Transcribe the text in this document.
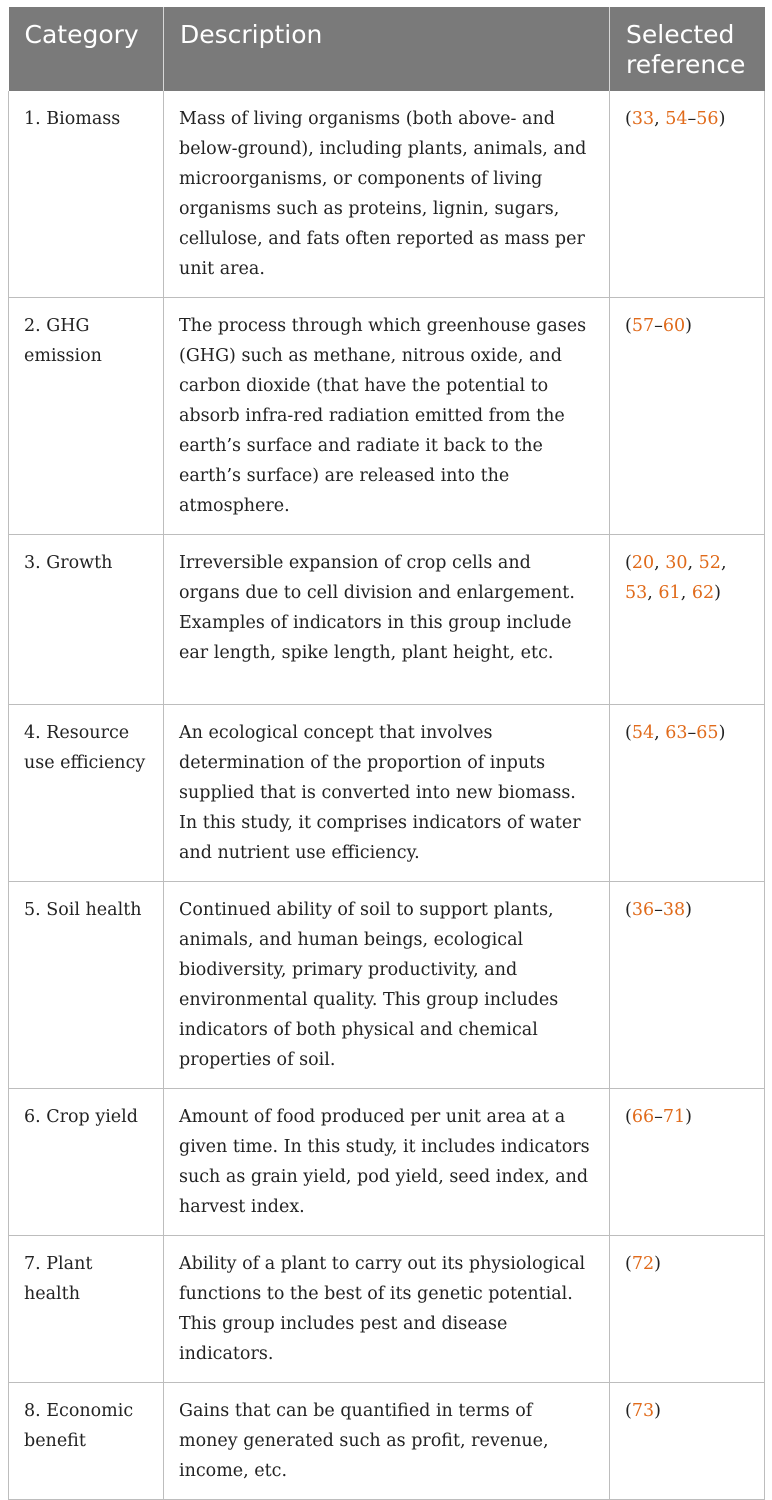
Category	Description	Selected reference
1. Biomass	Mass of living organisms (both above- and below-ground), including plants, animals, and microorganisms, or components of living organisms such as proteins, lignin, sugars, cellulose, and fats often reported as mass per unit area.	(33, 54–56)
2. GHG emission	The process through which greenhouse gases (GHG) such as methane, nitrous oxide, and carbon dioxide (that have the potential to absorb infra-red radiation emitted from the earth’s surface and radiate it back to the earth’s surface) are released into the atmosphere.	(57–60)
3. Growth	Irreversible expansion of crop cells and organs due to cell division and enlargement. Examples of indicators in this group include ear length, spike length, plant height, etc.	(20, 30, 52, 53, 61, 62)
4. Resource use efficiency	An ecological concept that involves determination of the proportion of inputs supplied that is converted into new biomass. In this study, it comprises indicators of water and nutrient use efficiency.	(54, 63–65)
5. Soil health	Continued ability of soil to support plants, animals, and human beings, ecological biodiversity, primary productivity, and environmental quality. This group includes indicators of both physical and chemical properties of soil.	(36–38)
6. Crop yield	Amount of food produced per unit area at a given time. In this study, it includes indicators such as grain yield, pod yield, seed index, and harvest index.	(66–71)
7. Plant health	Ability of a plant to carry out its physiological functions to the best of its genetic potential. This group includes pest and disease indicators.	(72)
8. Economic benefit	Gains that can be quantified in terms of money generated such as profit, revenue, income, etc.	(73)
